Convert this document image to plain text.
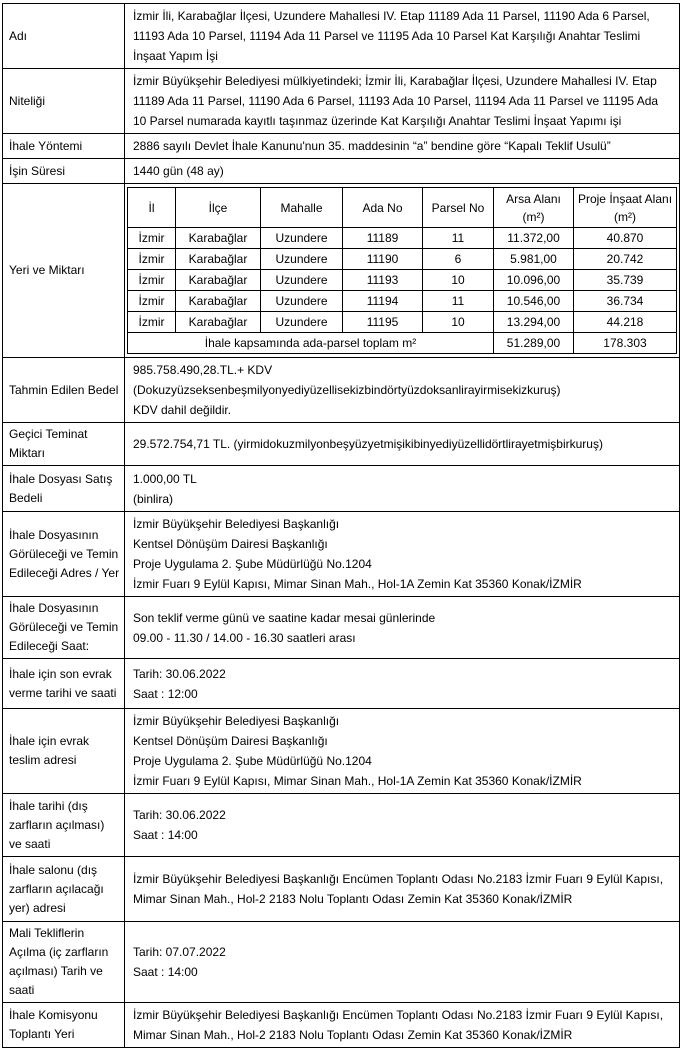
Adı	
İzmir İli, Karabağlar İlçesi, Uzundere Mahallesi IV. Etap 11189 Ada 11 Parsel, 11190 Ada 6 Parsel, 11193 Ada 10 Parsel, 11194 Ada 11 Parsel ve 11195 Ada 10 Parsel Kat Karşılığı Anahtar Teslimi İnşaat Yapım İşi

Niteliği	
İzmir Büyükşehir Belediyesi mülkiyetindeki; İzmir İli, Karabağlar İlçesi, Uzundere Mahallesi IV. Etap 11189 Ada 11 Parsel, 11190 Ada 6 Parsel, 11193 Ada 10 Parsel, 11194 Ada 11 Parsel ve 11195 Ada 10 Parsel numarada kayıtlı taşınmaz üzerinde Kat Karşılığı Anahtar Teslimi İnşaat Yapımı işi

İhale Yöntemi	2886 sayılı Devlet İhale Kanunu'nun 35. maddesinin “a” bendine göre “Kapalı Teklif Usulü”

İşin Süresi	1440 gün (48 ay)

Yeri ve Miktarı	
İl	İlçe	Mahalle	Ada No	Parsel No	Arsa Alanı (m²)	Proje İnşaat Alanı (m²)
İzmir	Karabağlar	Uzundere	11189	11	11.372,00	40.870
İzmir	Karabağlar	Uzundere	11190	6	5.981,00	20.742
İzmir	Karabağlar	Uzundere	11193	10	10.096,00	35.739
İzmir	Karabağlar	Uzundere	11194	11	10.546,00	36.734
İzmir	Karabağlar	Uzundere	11195	10	13.294,00	44.218
İhale kapsamında ada-parsel toplam m²	51.289,00	178.303

Tahmin Edilen Bedel	
985.758.490,28.TL.+ KDV (Dokuzyüzseksenbeşmilyonyediyüzellisekizbindörtyüzdoksanlirayirmisekizkuruş)
KDV dahil değildir.

Geçici Teminat Miktarı	
29.572.754,71 TL. (yirmidokuzmilyonbeşyüzyetmişikibinyediyüzellidörtlirayetmişbirkuruş)

İhale Dosyası Satış Bedeli	
1.000,00 TL
(binlira)

İhale Dosyasının Görüleceği ve Temin Edileceği Adres / Yer	
İzmir Büyükşehir Belediyesi Başkanlığı
Kentsel Dönüşüm Dairesi Başkanlığı
Proje Uygulama 2. Şube Müdürlüğü No.1204
İzmir Fuarı 9 Eylül Kapısı, Mimar Sinan Mah., Hol-1A Zemin Kat 35360 Konak/İZMİR

İhale Dosyasının Görüleceği ve Temin Edileceği Saat:	
Son teklif verme günü ve saatine kadar mesai günlerinde
09.00 - 11.30 / 14.00 - 16.30 saatleri arası

İhale için son evrak verme tarihi ve saati	
Tarih: 30.06.2022
Saat : 12:00

İhale için evrak teslim adresi	
İzmir Büyükşehir Belediyesi Başkanlığı
Kentsel Dönüşüm Dairesi Başkanlığı
Proje Uygulama 2. Şube Müdürlüğü No.1204
İzmir Fuarı 9 Eylül Kapısı, Mimar Sinan Mah., Hol-1A Zemin Kat 35360 Konak/İZMİR

İhale tarihi (dış zarfların açılması) ve saati	
Tarih: 30.06.2022
Saat : 14:00

İhale salonu (dış zarfların açılacağı yer) adresi	
İzmir Büyükşehir Belediyesi Başkanlığı Encümen Toplantı Odası No.2183 İzmir Fuarı 9 Eylül Kapısı, Mimar Sinan Mah., Hol-2 2183 Nolu Toplantı Odası Zemin Kat 35360 Konak/İZMİR

Mali Tekliflerin Açılma (iç zarfların açılması) Tarih ve saati	
Tarih: 07.07.2022
Saat : 14:00

İhale Komisyonu Toplantı Yeri	
İzmir Büyükşehir Belediyesi Başkanlığı Encümen Toplantı Odası No.2183 İzmir Fuarı 9 Eylül Kapısı, Mimar Sinan Mah., Hol-2 2183 Nolu Toplantı Odası Zemin Kat 35360 Konak/İZMİR
